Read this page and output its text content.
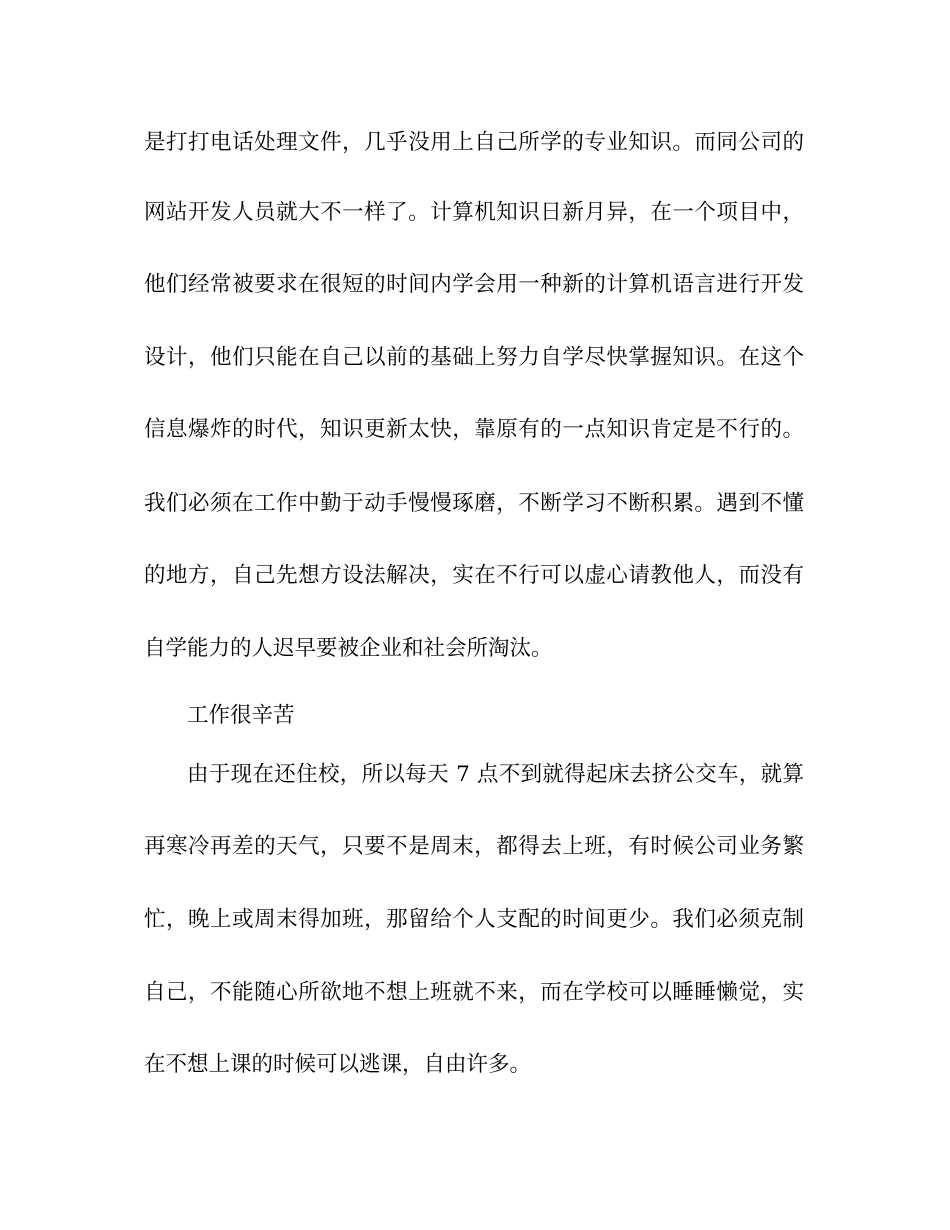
是打打电话处理文件，几乎没用上自己所学的专业知识。而同公司的
网站开发人员就大不一样了。计算机知识日新月异，在一个项目中，
他们经常被要求在很短的时间内学会用一种新的计算机语言进行开发
设计，他们只能在自己以前的基础上努力自学尽快掌握知识。在这个
信息爆炸的时代，知识更新太快，靠原有的一点知识肯定是不行的。
我们必须在工作中勤于动手慢慢琢磨，不断学习不断积累。遇到不懂
的地方，自己先想方设法解决，实在不行可以虚心请教他人，而没有
自学能力的人迟早要被企业和社会所淘汰。
工作很辛苦
由于现在还住校，所以每天 7 点不到就得起床去挤公交车，就算
再寒冷再差的天气，只要不是周末，都得去上班，有时候公司业务繁
忙，晚上或周末得加班，那留给个人支配的时间更少。我们必须克制
自己，不能随心所欲地不想上班就不来，而在学校可以睡睡懒觉，实
在不想上课的时候可以逃课，自由许多。
